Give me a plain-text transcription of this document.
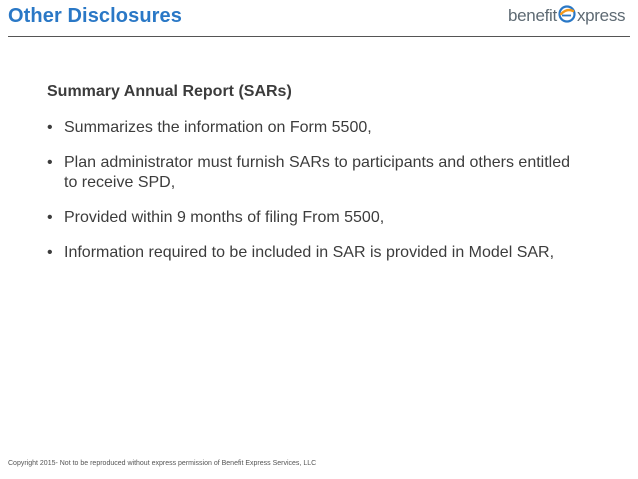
Other Disclosures	benefit xpress
Summary Annual Report (SARs)
• Summarizes the information on Form 5500,
• Plan administrator must furnish SARs to participants and others entitled to receive SPD,
• Provided within 9 months of filing From 5500,
• Information required to be included in SAR is provided in Model SAR,
Copyright 2015- Not to be reproduced without express permission of Benefit Express Services, LLC
